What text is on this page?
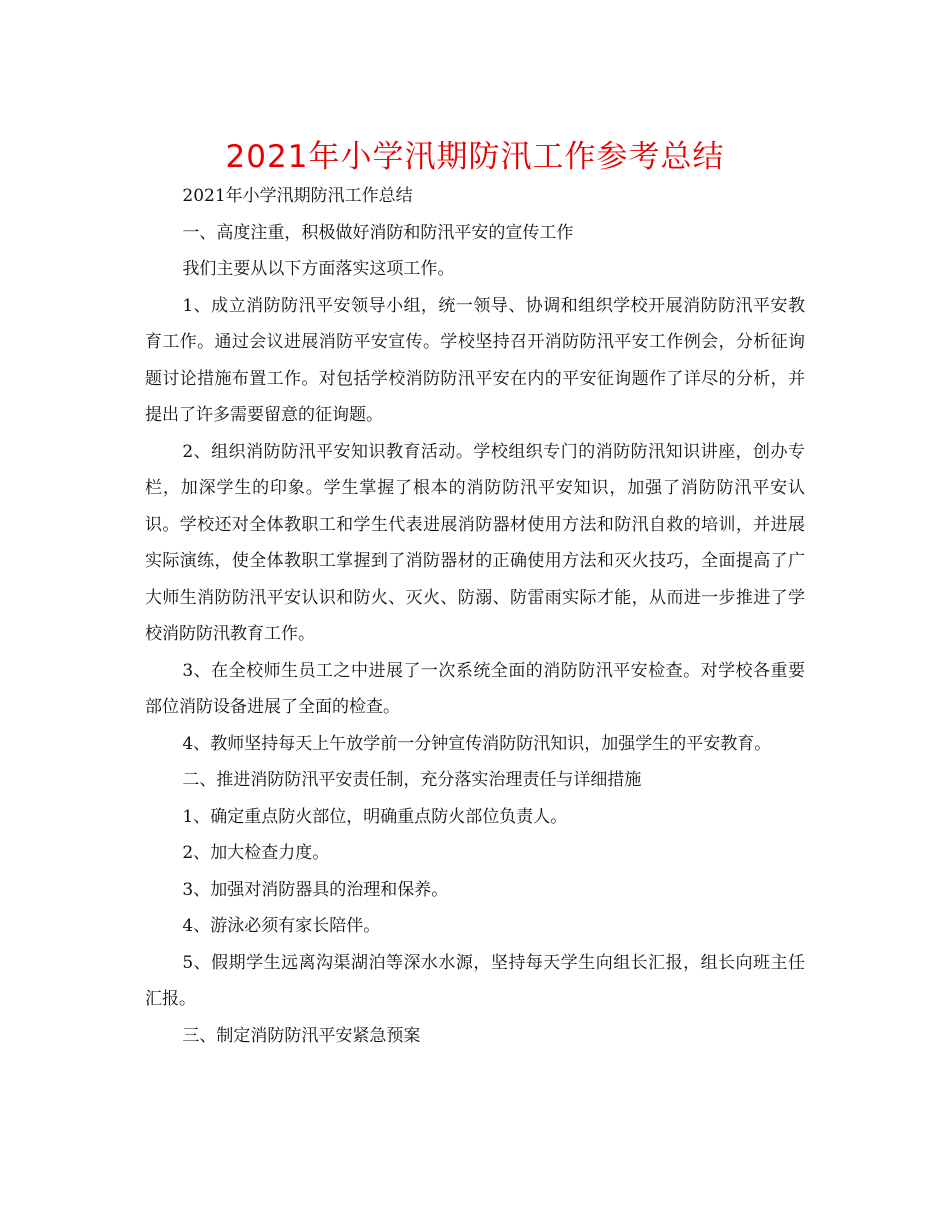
2021年小学汛期防汛工作参考总结

2021年小学汛期防汛工作总结

一、高度注重，积极做好消防和防汛平安的宣传工作

我们主要从以下方面落实这项工作。

1、成立消防防汛平安领导小组，统一领导、协调和组织学校开展消防防汛平安教育工作。通过会议进展消防平安宣传。学校坚持召开消防防汛平安工作例会，分析征询题讨论措施布置工作。对包括学校消防防汛平安在内的平安征询题作了详尽的分析，并提出了许多需要留意的征询题。

2、组织消防防汛平安知识教育活动。学校组织专门的消防防汛知识讲座，创办专栏，加深学生的印象。学生掌握了根本的消防防汛平安知识，加强了消防防汛平安认识。学校还对全体教职工和学生代表进展消防器材使用方法和防汛自救的培训，并进展实际演练，使全体教职工掌握到了消防器材的正确使用方法和灭火技巧，全面提高了广大师生消防防汛平安认识和防火、灭火、防溺、防雷雨实际才能，从而进一步推进了学校消防防汛教育工作。

3、在全校师生员工之中进展了一次系统全面的消防防汛平安检查。对学校各重要部位消防设备进展了全面的检查。

4、教师坚持每天上午放学前一分钟宣传消防防汛知识，加强学生的平安教育。

二、推进消防防汛平安责任制，充分落实治理责任与详细措施

1、确定重点防火部位，明确重点防火部位负责人。

2、加大检查力度。

3、加强对消防器具的治理和保养。

4、游泳必须有家长陪伴。

5、假期学生远离沟渠湖泊等深水水源，坚持每天学生向组长汇报，组长向班主任汇报。

三、制定消防防汛平安紧急预案
